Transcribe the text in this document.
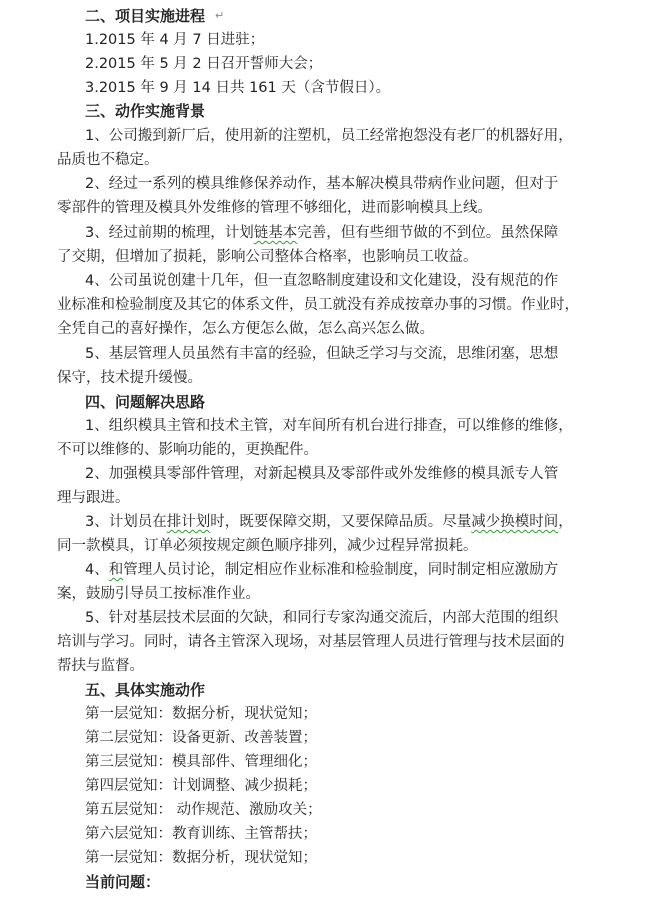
二、项目实施进程 ↵
1.2015 年 4 月 7 日进驻；
2.2015 年 5 月 2 日召开誓师大会；
3.2015 年 9 月 14 日共 161 天（含节假日）。
三、动作实施背景
1、公司搬到新厂后，使用新的注塑机，员工经常抱怨没有老厂的机器好用，
品质也不稳定。
2、经过一系列的模具维修保养动作，基本解决模具带病作业问题，但对于
零部件的管理及模具外发维修的管理不够细化，进而影响模具上线。
3、经过前期的梳理，计划链基本完善，但有些细节做的不到位。虽然保障
了交期，但增加了损耗，影响公司整体合格率，也影响员工收益。
4、公司虽说创建十几年，但一直忽略制度建设和文化建设，没有规范的作
业标准和检验制度及其它的体系文件，员工就没有养成按章办事的习惯。作业时，
全凭自己的喜好操作，怎么方便怎么做，怎么高兴怎么做。
5、基层管理人员虽然有丰富的经验，但缺乏学习与交流，思维闭塞，思想
保守，技术提升缓慢。
四、问题解决思路
1、组织模具主管和技术主管，对车间所有机台进行排查，可以维修的维修，
不可以维修的、影响功能的，更换配件。
2、加强模具零部件管理，对新起模具及零部件或外发维修的模具派专人管
理与跟进。
3、计划员在排计划时，既要保障交期，又要保障品质。尽量减少换模时间，
同一款模具，订单必须按规定颜色顺序排列，减少过程异常损耗。
4、和管理人员讨论，制定相应作业标准和检验制度，同时制定相应激励方
案，鼓励引导员工按标准作业。
5、针对基层技术层面的欠缺，和同行专家沟通交流后，内部大范围的组织
培训与学习。同时，请各主管深入现场，对基层管理人员进行管理与技术层面的
帮扶与监督。
五、具体实施动作
第一层觉知：数据分析，现状觉知；
第二层觉知：设备更新、改善装置；
第三层觉知：模具部件、管理细化；
第四层觉知：计划调整、减少损耗；
第五层觉知： 动作规范、激励攻关；
第六层觉知：教育训练、主管帮扶；
第一层觉知：数据分析，现状觉知；
当前问题：
